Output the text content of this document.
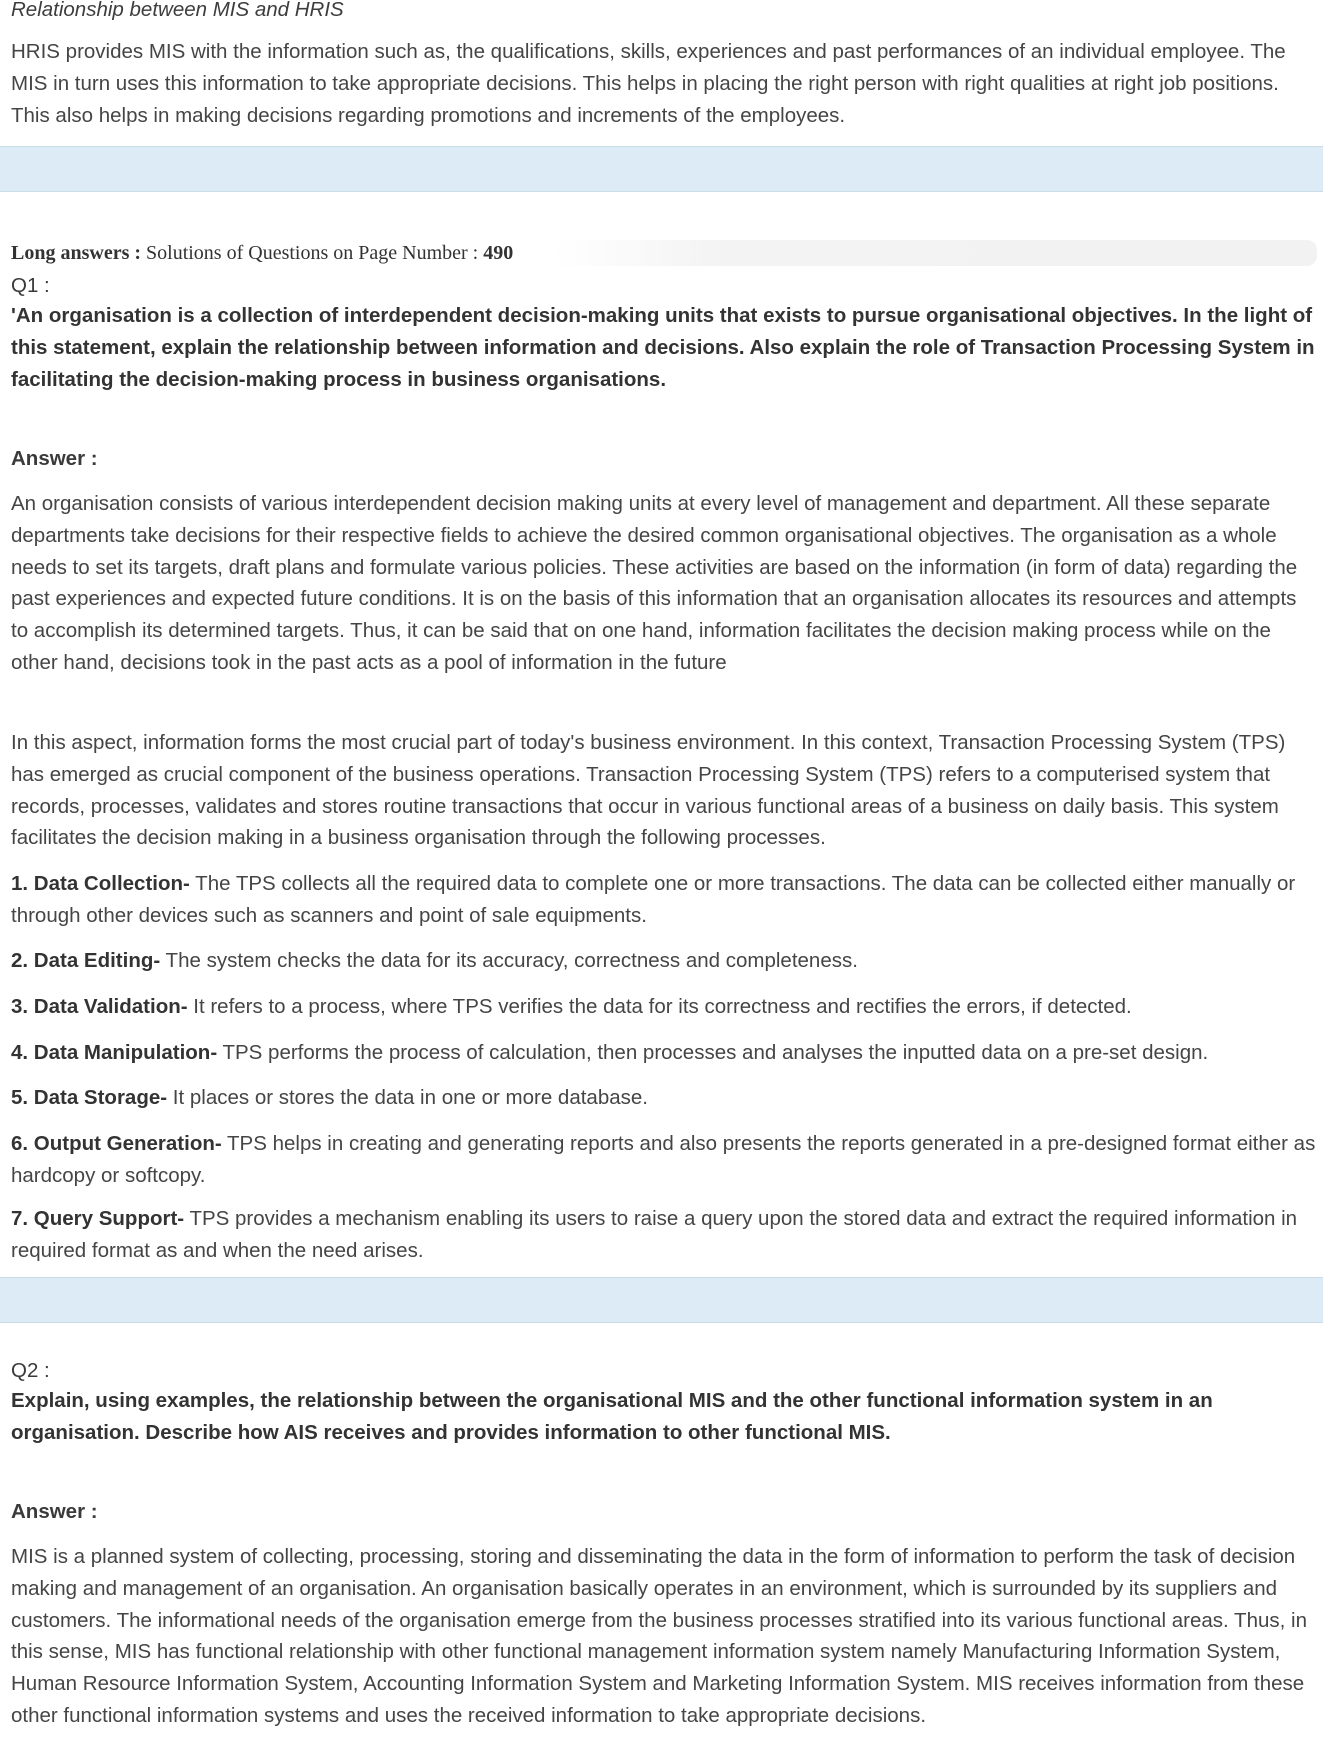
Relationship between MIS and HRIS

HRIS provides MIS with the information such as, the qualifications, skills, experiences and past performances of an individual employee. The MIS in turn uses this information to take appropriate decisions. This helps in placing the right person with right qualities at right job positions. This also helps in making decisions regarding promotions and increments of the employees.

Long answers : Solutions of Questions on Page Number : 490
Q1 :

'An organisation is a collection of interdependent decision-making units that exists to pursue organisational objectives. In the light of this statement, explain the relationship between information and decisions. Also explain the role of Transaction Processing System in facilitating the decision-making process in business organisations.

Answer :

An organisation consists of various interdependent decision making units at every level of management and department. All these separate departments take decisions for their respective fields to achieve the desired common organisational objectives. The organisation as a whole needs to set its targets, draft plans and formulate various policies. These activities are based on the information (in form of data) regarding the past experiences and expected future conditions. It is on the basis of this information that an organisation allocates its resources and attempts to accomplish its determined targets. Thus, it can be said that on one hand, information facilitates the decision making process while on the other hand, decisions took in the past acts as a pool of information in the future

In this aspect, information forms the most crucial part of today's business environment. In this context, Transaction Processing System (TPS) has emerged as crucial component of the business operations. Transaction Processing System (TPS) refers to a computerised system that records, processes, validates and stores routine transactions that occur in various functional areas of a business on daily basis. This system facilitates the decision making in a business organisation through the following processes.

1. Data Collection- The TPS collects all the required data to complete one or more transactions. The data can be collected either manually or through other devices such as scanners and point of sale equipments.

2. Data Editing- The system checks the data for its accuracy, correctness and completeness.

3. Data Validation- It refers to a process, where TPS verifies the data for its correctness and rectifies the errors, if detected.

4. Data Manipulation- TPS performs the process of calculation, then processes and analyses the inputted data on a pre-set design.

5. Data Storage- It places or stores the data in one or more database.

6. Output Generation- TPS helps in creating and generating reports and also presents the reports generated in a pre-designed format either as hardcopy or softcopy.

7. Query Support- TPS provides a mechanism enabling its users to raise a query upon the stored data and extract the required information in required format as and when the need arises.

Q2 :

Explain, using examples, the relationship between the organisational MIS and the other functional information system in an organisation. Describe how AIS receives and provides information to other functional MIS.

Answer :

MIS is a planned system of collecting, processing, storing and disseminating the data in the form of information to perform the task of decision making and management of an organisation. An organisation basically operates in an environment, which is surrounded by its suppliers and customers. The informational needs of the organisation emerge from the business processes stratified into its various functional areas. Thus, in this sense, MIS has functional relationship with other functional management information system namely Manufacturing Information System, Human Resource Information System, Accounting Information System and Marketing Information System. MIS receives information from these other functional information systems and uses the received information to take appropriate decisions.
